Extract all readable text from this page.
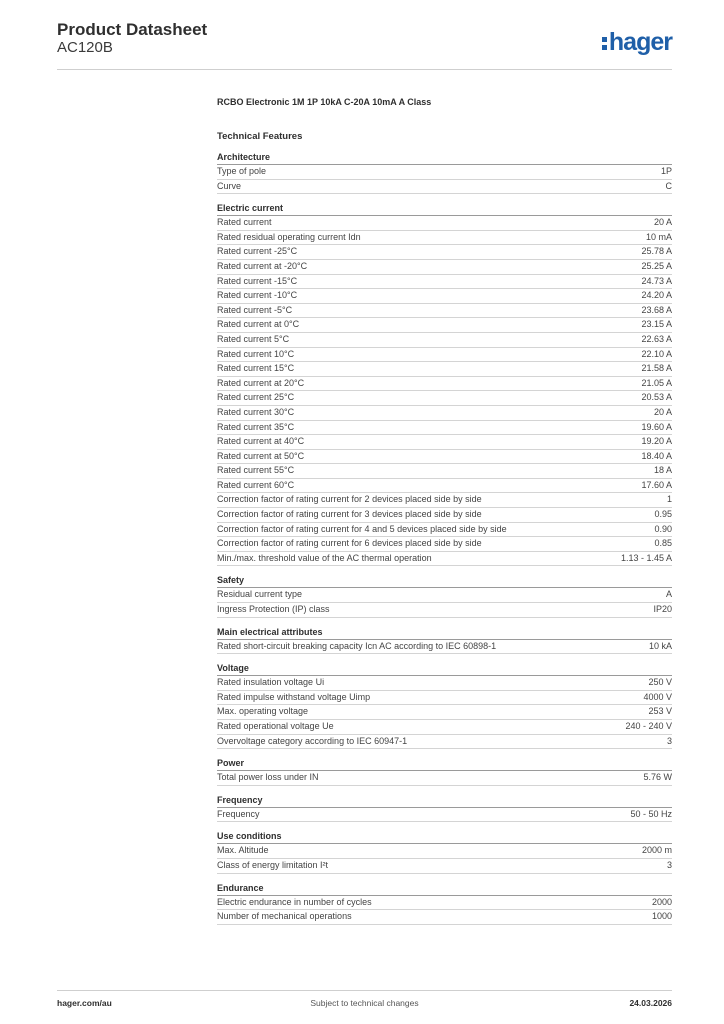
Product Datasheet
AC120B	hager
RCBO Electronic 1M 1P 10kA C-20A 10mA A Class
Technical Features
Architecture
Type of pole	1P
Curve	C
Electric current
Rated current	20 A
Rated residual operating current Idn	10 mA
Rated current -25°C	25.78 A
Rated current at -20°C	25.25 A
Rated current -15°C	24.73 A
Rated current -10°C	24.20 A
Rated current -5°C	23.68 A
Rated current at 0°C	23.15 A
Rated current 5°C	22.63 A
Rated current 10°C	22.10 A
Rated current 15°C	21.58 A
Rated current at 20°C	21.05 A
Rated current 25°C	20.53 A
Rated current 30°C	20 A
Rated current 35°C	19.60 A
Rated current at 40°C	19.20 A
Rated current at 50°C	18.40 A
Rated current 55°C	18 A
Rated current 60°C	17.60 A
Correction factor of rating current for 2 devices placed side by side	1
Correction factor of rating current for 3 devices placed side by side	0.95
Correction factor of rating current for 4 and 5 devices placed side by side	0.90
Correction factor of rating current for 6 devices placed side by side	0.85
Min./max. threshold value of the AC thermal operation	1.13 - 1.45 A
Safety
Residual current type	A
Ingress Protection (IP) class	IP20
Main electrical attributes
Rated short-circuit breaking capacity Icn AC according to IEC 60898-1	10 kA
Voltage
Rated insulation voltage Ui	250 V
Rated impulse withstand voltage Uimp	4000 V
Max. operating voltage	253 V
Rated operational voltage Ue	240 - 240 V
Overvoltage category according to IEC 60947-1	3
Power
Total power loss under IN	5.76 W
Frequency
Frequency	50 - 50 Hz
Use conditions
Max. Altitude	2000 m
Class of energy limitation I²t	3
Endurance
Electric endurance in number of cycles	2000
Number of mechanical operations	1000
hager.com/au	Subject to technical changes	24.03.2026
